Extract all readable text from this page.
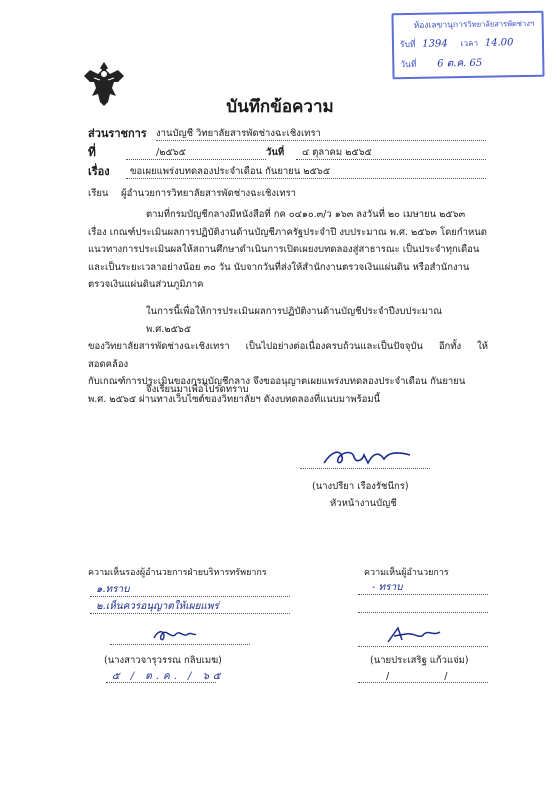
ห้องเลขานุการวิทยาลัยสารพัดช่างฯ
รับที่ 1394 เวลา 14.00
วันที่ 6 ต.ค. 65
บันทึกข้อความ
ส่วนราชการ งานบัญชี วิทยาลัยสารพัดช่างฉะเชิงเทรา
ที่	/๒๕๖๕	วันที่	๔ ตุลาคม ๒๕๖๕
เรื่อง	ขอเผยแพร่งบทดลองประจำเดือน กันยายน ๒๕๖๕
เรียน ผู้อำนวยการวิทยาลัยสารพัดช่างฉะเชิงเทรา
ตามที่กรมบัญชีกลางมีหนังสือที่ กค ๐๔๑๐.๓/ว ๑๖๓ ลงวันที่ ๒๐ เมษายน ๒๕๖๓
เรื่อง เกณฑ์ประเมินผลการปฏิบัติงานด้านบัญชีภาครัฐประจำปี งบประมาณ พ.ศ. ๒๕๖๓ โดยกำหนด
แนวทางการประเมินผลให้สถานศึกษาดำเนินการเปิดเผยงบทดลองสู่สาธารณะ เป็นประจำทุกเดือน
และเป็นระยะเวลาอย่างน้อย ๓๐ วัน นับจากวันที่ส่งให้สำนักงานตรวจเงินแผ่นดิน หรือสำนักงาน
ตรวจเงินแผ่นดินส่วนภูมิภาค
ในการนี้เพื่อให้การประเมินผลการปฏิบัติงานด้านบัญชีประจำปีงบประมาณ พ.ศ.๒๕๖๕
ของวิทยาลัยสารพัดช่างฉะเชิงเทรา เป็นไปอย่างต่อเนื่องครบถ้วนและเป็นปัจจุบัน อีกทั้ง ให้สอดคล้อง
กับเกณฑ์การประเมินของกรมบัญชีกลาง จึงขออนุญาตเผยแพร่งบทดลองประจำเดือน กันยายน
พ.ศ. ๒๕๖๕ ผ่านทางเว็บไซต์ของวิทยาลัยฯ ดังงบทดลองที่แนบมาพร้อมนี้
จึงเรียนมาเพื่อโปรดทราบ
(นางปรียา เรืองรัชนีกร)
หัวหน้างานบัญชี
ความเห็นรองผู้อำนวยการฝ่ายบริหารทรัพยากร
๑.ทราบ
๒.เห็นควรอนุญาตให้เผยแพร่
(นางสาวจารุวรรณ กลิบเมฆ)
๕ / ต.ค. / ๖๕
ความเห็นผู้อำนวยการ
- ทราบ
(นายประเสริฐ แก้วแจ่ม)
/ /
